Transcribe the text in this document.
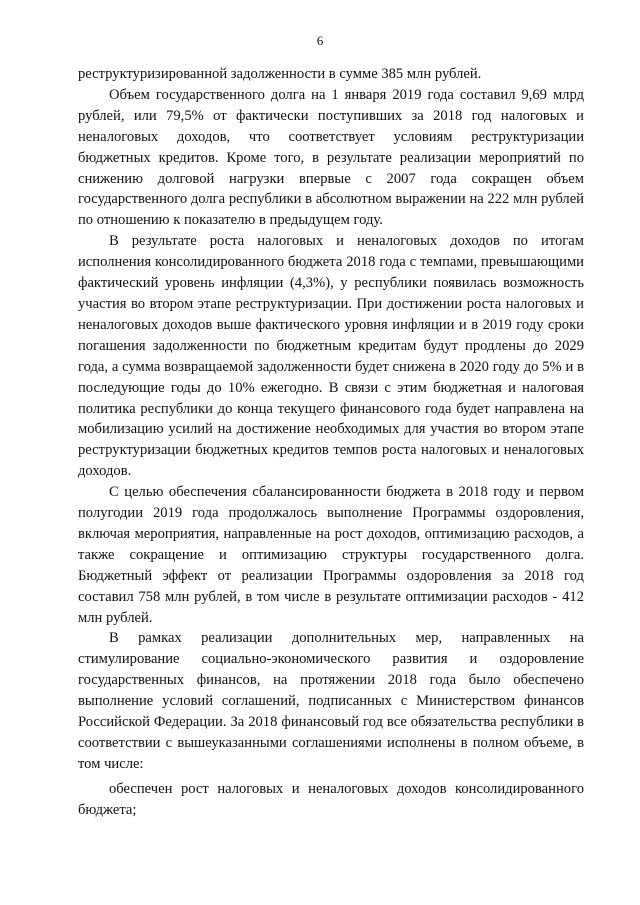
6

реструктуризированной задолженности в сумме 385 млн рублей.

Объем государственного долга на 1 января 2019 года составил 9,69 млрд рублей, или 79,5% от фактически поступивших за 2018 год налоговых и неналоговых доходов, что соответствует условиям реструктуризации бюджетных кредитов. Кроме того, в результате реализации мероприятий по снижению долговой нагрузки впервые с 2007 года сокращен объем государственного долга республики в абсолютном выражении на 222 млн рублей по отношению к показателю в предыдущем году.

В результате роста налоговых и неналоговых доходов по итогам исполнения консолидированного бюджета 2018 года с темпами, превышающими фактический уровень инфляции (4,3%), у республики появилась возможность участия во втором этапе реструктуризации. При достижении роста налоговых и неналоговых доходов выше фактического уровня инфляции и в 2019 году сроки погашения задолженности по бюджетным кредитам будут продлены до 2029 года, а сумма возвращаемой задолженности будет снижена в 2020 году до 5% и в последующие годы до 10% ежегодно. В связи с этим бюджетная и налоговая политика республики до конца текущего финансового года будет направлена на мобилизацию усилий на достижение необходимых для участия во втором этапе реструктуризации бюджетных кредитов темпов роста налоговых и неналоговых доходов.

С целью обеспечения сбалансированности бюджета в 2018 году и первом полугодии 2019 года продолжалось выполнение Программы оздоровления, включая мероприятия, направленные на рост доходов, оптимизацию расходов, а также сокращение и оптимизацию структуры государственного долга. Бюджетный эффект от реализации Программы оздоровления за 2018 год составил 758 млн рублей, в том числе в результате оптимизации расходов - 412 млн рублей.

В рамках реализации дополнительных мер, направленных на стимулирование социально-экономического развития и оздоровление государственных финансов, на протяжении 2018 года было обеспечено выполнение условий соглашений, подписанных с Министерством финансов Российской Федерации. За 2018 финансовый год все обязательства республики в соответствии с вышеуказанными соглашениями исполнены в полном объеме, в том числе:

обеспечен рост налоговых и неналоговых доходов консолидированного бюджета;
